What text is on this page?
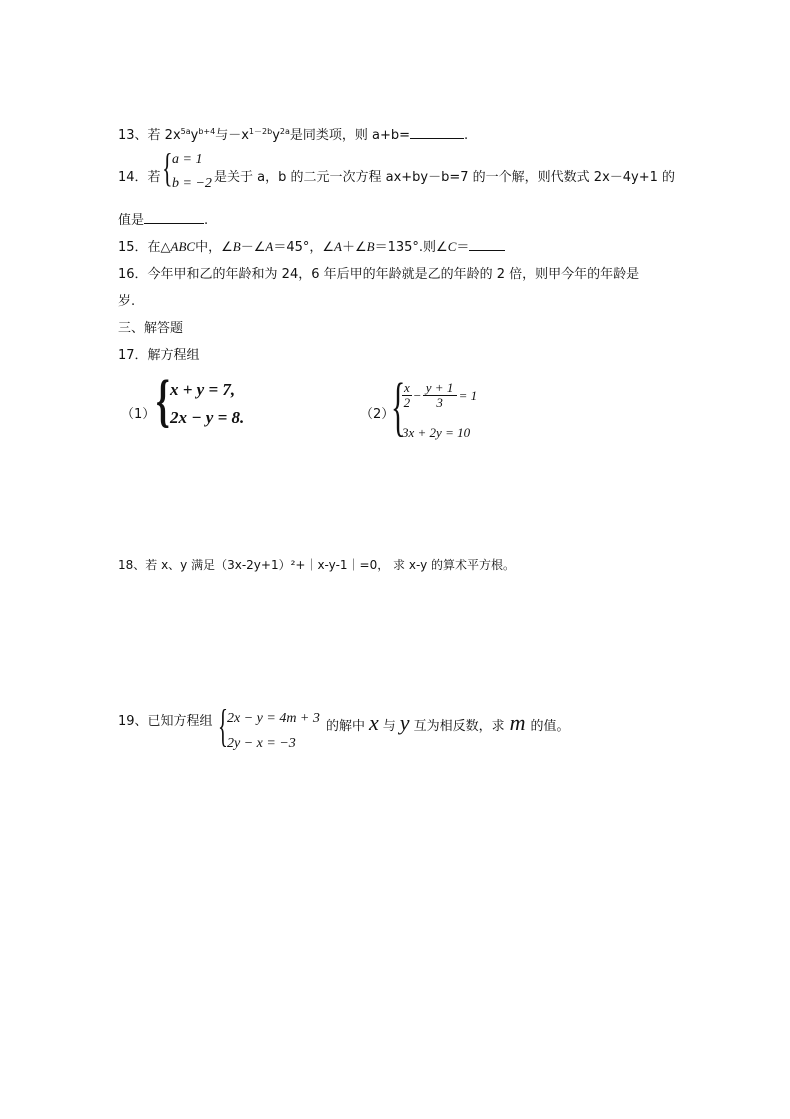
13、若 $2x^{5a}y^{b+4}$与$-x^{1-2b}y^{2a}$是同类项，则 a+b=	.
14．若 { a = 1
b = −2 是关于 a，b 的二元一次方程 ax+by－b=7 的一个解，则代数式 2x－4y+1 的
值是	.
15．在△ABC中，∠B－∠A＝45°，∠A＋∠B＝135°.则∠C＝
16．今年甲和乙的年龄和为 24，6 年后甲的年龄就是乙的年龄的 2 倍，则甲今年的年龄是
岁.
三、解答题
17．解方程组
（1） { x + y = 7,
2x − y = 8.	（2）
{
$\frac{x}{2} - \frac{y + 1}{3} = 1$
3x + 2y = 10
18、若 x、y 满足（3x-2y+1）²+｜x-y-1｜=0， 求 x-y 的算术平方根。
19、已知方程组 { 2x − y = 4m + 3
2y − x = −3
的解中 x 与 y 互为相反数，求 m 的值。
